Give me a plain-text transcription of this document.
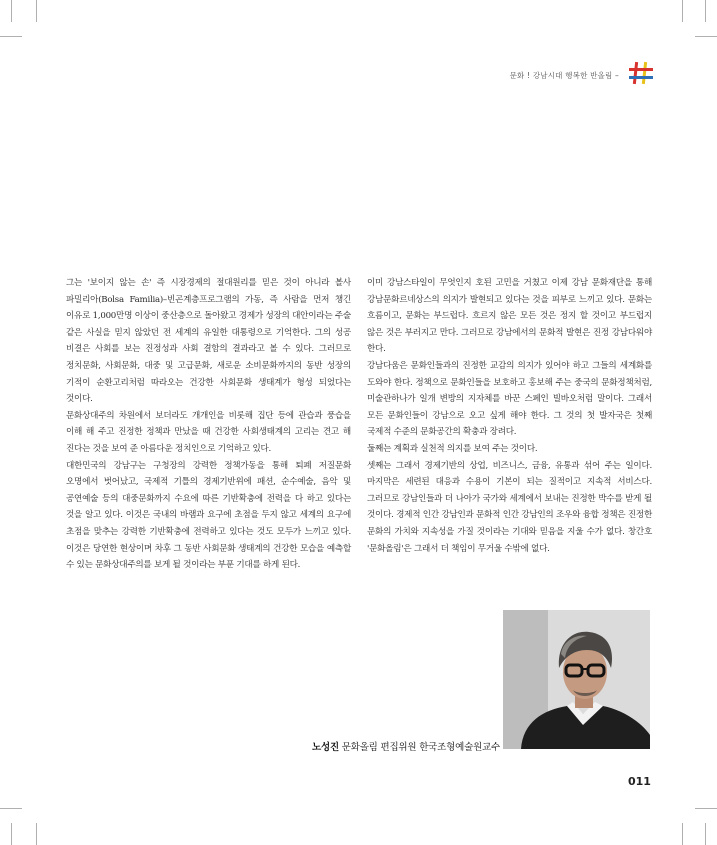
문화 ! 강남시대 행복한 반올림 –

그는 '보이지 않는 손' 즉 시장경제의 절대원리를 믿은 것이 아니라 볼사 파밀리아(Bolsa Familia)–빈곤계층프로그램의 가동, 즉 사람을 먼저 챙긴 이유로 1,000만명 이상이 중산층으로 돌아왔고 경제가 성장의 대안이라는 주술 같은 사실을 믿지 않았던 전 세계의 유일한 대통령으로 기억한다. 그의 성공 비결은 사회를 보는 진정성과 사회 결함의 결과라고 볼 수 있다. 그러므로 정치문화, 사회문화, 대중 및 고급문화, 새로운 소비문화까지의 동반 성장의 기적이 순환고리처럼 따라오는 건강한 사회문화 생태계가 형성 되었다는 것이다.

문화상대주의 차원에서 보더라도 개개인을 비롯해 집단 등에 관습과 풍습을 이해 해 주고 진정한 정책과 만났을 때 건강한 사회생태계의 고리는 견고 해 진다는 것을 보여 준 아름다운 정치인으로 기억하고 있다.

대한민국의 강남구는 구청장의 강력한 정책가동을 통해 퇴폐 저질문화 오명에서 벗어났고, 국제적 기틀의 경제기반위에 패션, 순수예술, 음악 및 공연예술 등의 대중문화까지 수요에 따른 기반확충에 전력을 다 하고 있다는 것을 알고 있다. 이것은 국내의 바램과 요구에 초점을 두지 않고 세계의 요구에 초점을 맞추는 강력한 기반확충에 전력하고 있다는 것도 모두가 느끼고 있다. 이것은 당연한 현상이며 차후 그 동반 사회문화 생태계의 건강한 모습을 예측할 수 있는 문화상대주의를 보게 될 것이라는 부푼 기대를 하게 된다.

이미 강남스타일이 무엇인지 호된 고민을 거쳤고 이제 강남 문화재단을 통해 강남문화르네상스의 의지가 발현되고 있다는 것을 피부로 느끼고 있다. 문화는 흐름이고, 문화는 부드럽다. 흐르지 않은 모든 것은 정지 할 것이고 부드럽지 않은 것은 부러지고 만다. 그러므로 강남에서의 문화적 발현은 진정 강남다워야 한다.

강남다움은 문화인들과의 진정한 교감의 의지가 있어야 하고 그들의 세계화를 도와야 한다. 정책으로 문화인들을 보호하고 홍보해 주는 중국의 문화정책처럼, 미술관하나가 일개 변방의 지자체를 바꾼 스페인 빌바오처럼 말이다. 그래서 모든 문화인들이 강남으로 오고 싶게 해야 한다. 그 것의 첫 발자국은 첫째 국제적 수준의 문화공간의 확충과 장려다.

둘째는 계획과 실천적 의지를 보여 주는 것이다.

셋째는 그래서 경제기반의 상업, 비즈니스, 금융, 유통과 섞어 주는 일이다. 마지막은 세련된 대응과 수용이 기본이 되는 질적이고 지속적 서비스다. 그러므로 강남인들과 더 나아가 국가와 세계에서 보내는 진정한 박수를 받게 될 것이다. 경제적 인간 강남인과 문화적 인간 강남인의 조우와 융합 정책은 진정한 문화의 가치와 지속성을 가질 것이라는 기대와 믿음을 지울 수가 없다. 창간호 '문화올림'은 그래서 더 책임이 무거울 수밖에 없다.

노성진 문화올림 편집위원 한국조형예술원교수
011
